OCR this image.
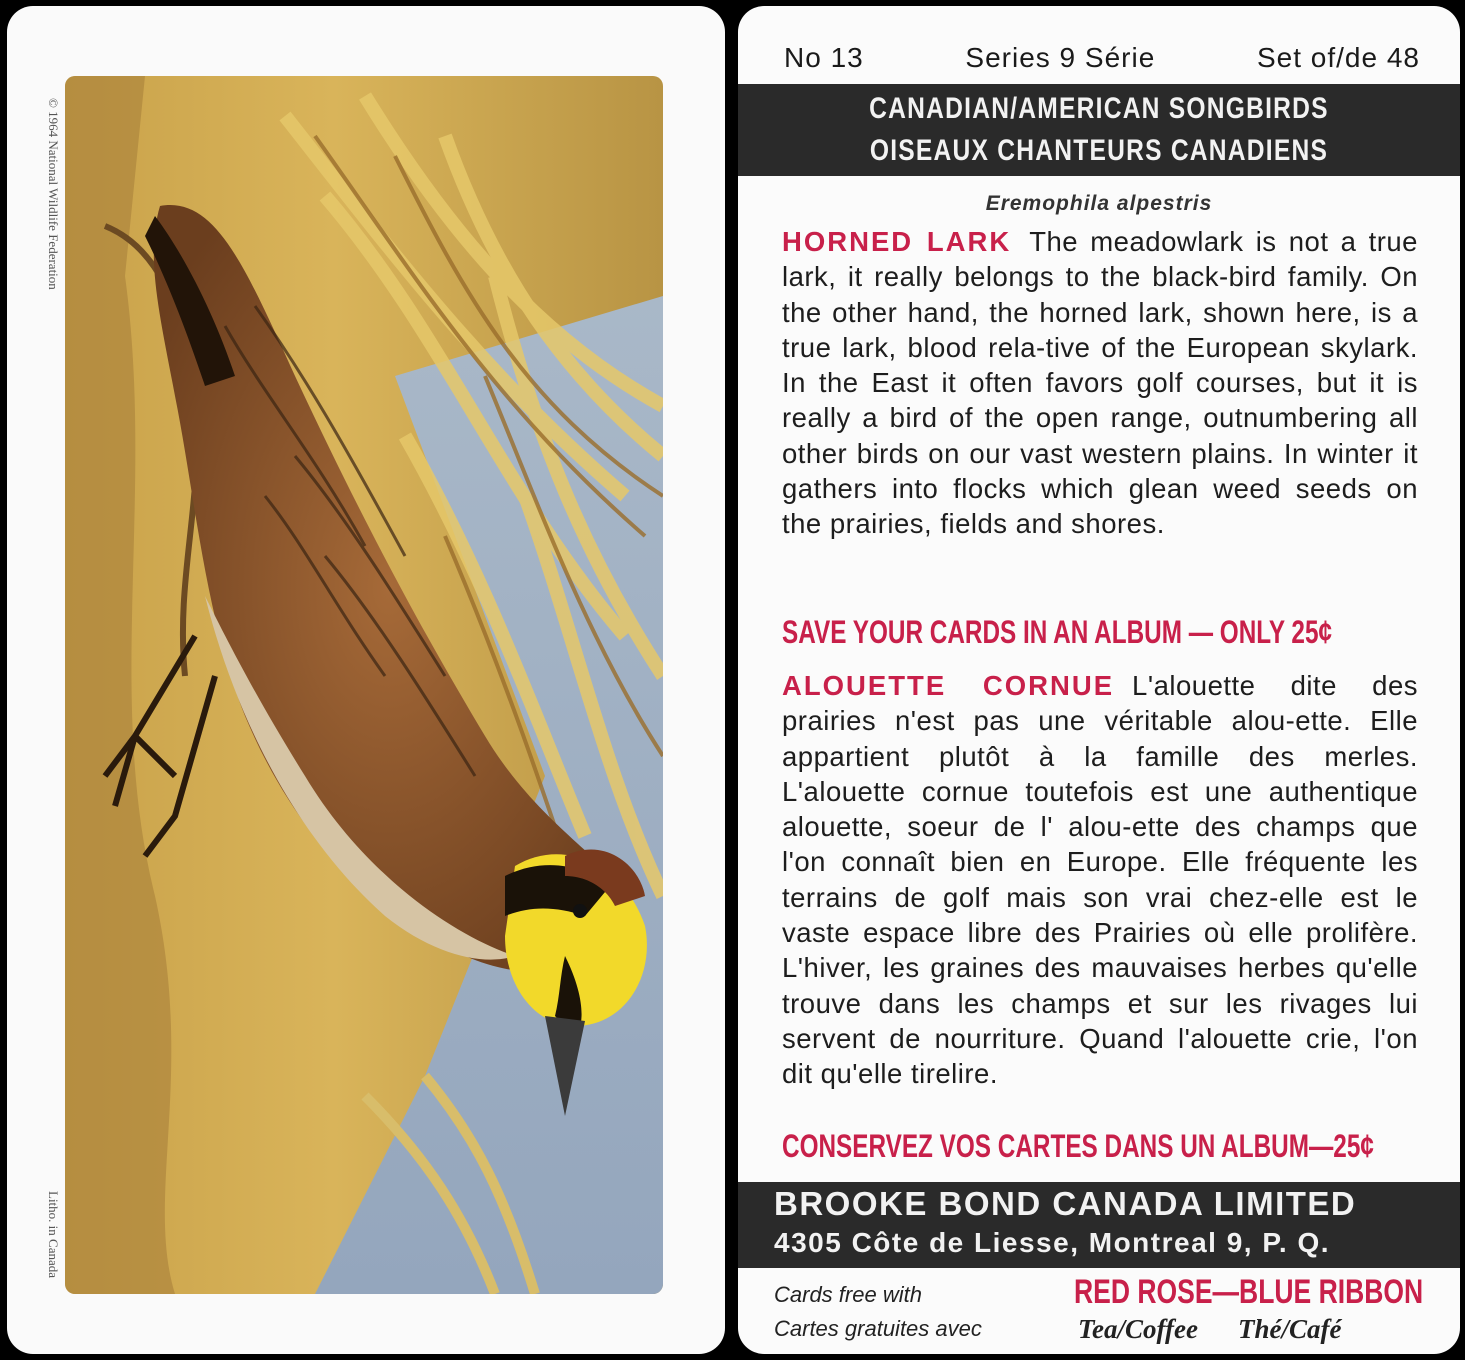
© 1964 National Wildlife Federation
Litho. in Canada
No 13	Series 9 Série	Set of/de 48
CANADIAN/AMERICAN SONGBIRDS
OISEAUX CHANTEURS CANADIENS
Eremophila alpestris
HORNED LARK The meadowlark is not a true lark, it really belongs to the black-bird family. On the other hand, the horned lark, shown here, is a true lark, blood rela-tive of the European skylark. In the East it often favors golf courses, but it is really a bird of the open range, outnumbering all other birds on our vast western plains. In winter it gathers into flocks which glean weed seeds on the prairies, fields and shores.
SAVE YOUR CARDS IN AN ALBUM — ONLY 25¢
ALOUETTE CORNUE L'alouette dite des prairies n'est pas une véritable alou-ette. Elle appartient plutôt à la famille des merles. L'alouette cornue toutefois est une authentique alouette, soeur de l' alou-ette des champs que l'on connaît bien en Europe. Elle fréquente les terrains de golf mais son vrai chez-elle est le vaste espace libre des Prairies où elle prolifère. L'hiver, les graines des mauvaises herbes qu'elle trouve dans les champs et sur les rivages lui servent de nourriture. Quand l'alouette crie, l'on dit qu'elle tirelire.
CONSERVEZ VOS CARTES DANS UN ALBUM—25¢
BROOKE BOND CANADA LIMITED
4305 Côte de Liesse, Montreal 9, P. Q.
Cards free with
Cartes gratuites avec
RED ROSE—BLUE RIBBON
Tea/Coffee Thé/Café
